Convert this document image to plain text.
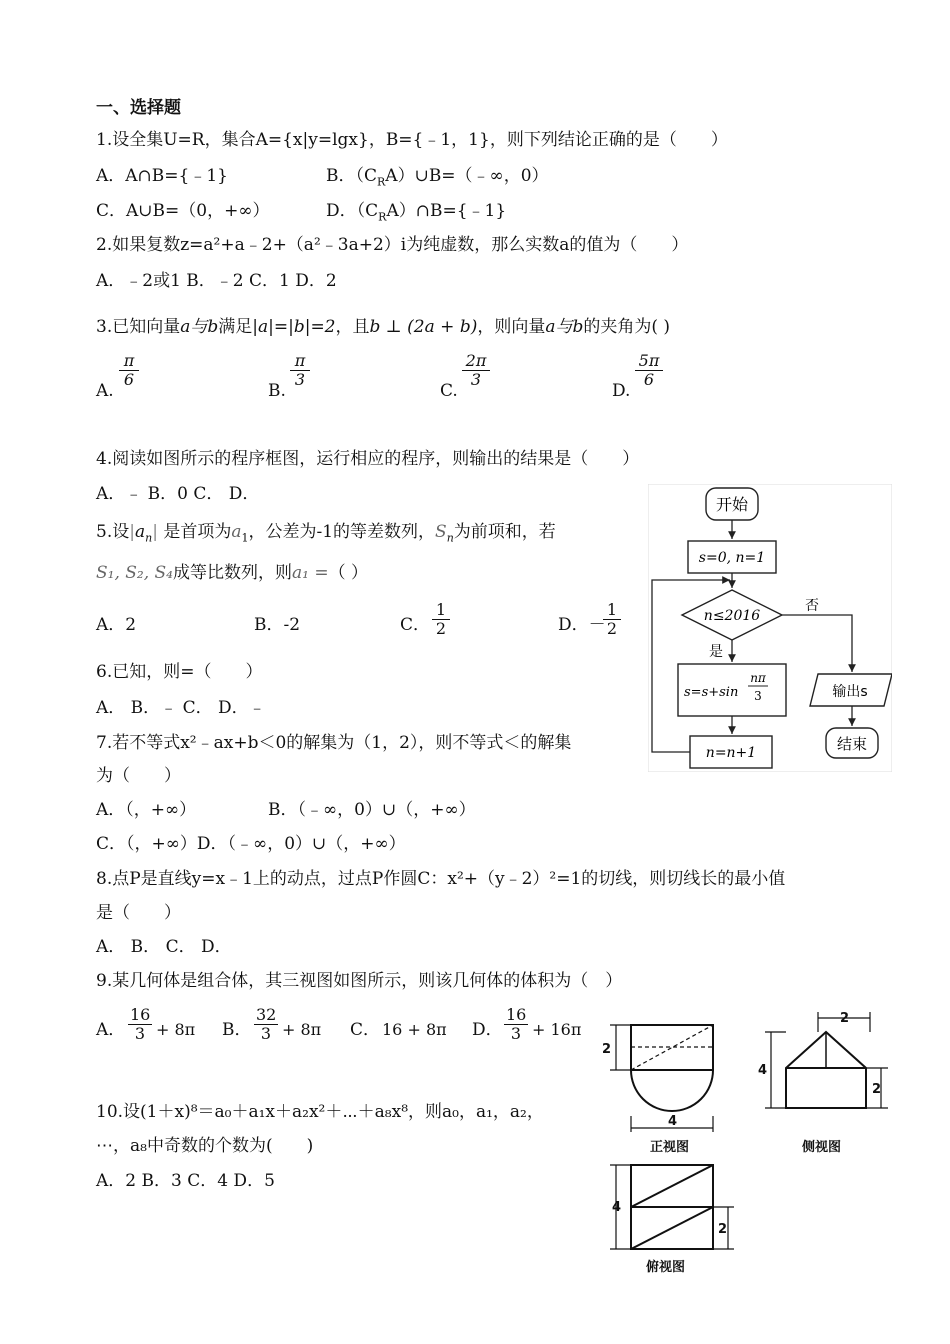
一、选择题
1.设全集U=R，集合A={x|y=lgx}，B={﹣1，1}，则下列结论正确的是（　　）
A．A∩B={﹣1}	B．$(C_RA)\cup B=(﹣\infty$，0）
C．A∪B=（0，+∞）	D．$(C_RA)\cap B=\{﹣1\}$
2.如果复数z=a²+a﹣2+（a²﹣3a+2）i为纯虚数，那么实数a的值为（　　）
A．﹣2或1 B．﹣2 C．1 D．2
3.已知向量a与b满足|a|=|b|=2，且b ⊥ (2a + b)，则向量a与b的夹角为( )
A.
$\frac{\pi}{6}$
B.
$\frac{\pi}{3}$
C.
$\frac{2\pi}{3}$
D.
$\frac{5\pi}{6}$
4.阅读如图所示的程序框图，运行相应的程序，则输出的结果是（　　）
A．﹣ B．0 C． D．
5.设$|a_n|$ 是首项为$a_1$，公差为-1的等差数列，$S_n$为前项和，若
S₁, S₂, S₄成等比数列，则a₁ =（ ）
A．2	B．-2	C． $\frac{1}{2}$	D．－
$\frac{1}{2}$
6.已知，则=（　　）
A． B．﹣ C． D．﹣
7.若不等式x²﹣ax+b＜0的解集为（1，2），则不等式＜的解集
为（　　）
A．（，+∞）	B．（﹣∞，0）∪（，+∞）
C．（，+∞）D．（﹣∞，0）∪（，+∞）
8.点P是直线y=x﹣1上的动点，过点P作圆C：x²+（y﹣2）²=1的切线，则切线长的最小值
是（　　）
A． B． C． D．
9.某几何体是组合体，其三视图如图所示，则该几何体的体积为（　）
A． $\frac{16}{3} + 8\pi$ B． $\frac{32}{3} + 8\pi$ C． 16 + 8π D． $\frac{16}{3} + 16\pi$
10.设(1＋x)⁸＝a₀＋a₁x＋a₂x²＋⋯＋a₈x⁸，则a₀，a₁，a₂，
⋯，a₈中奇数的个数为(　　)
A．2 B．3 C．4 D．5
开始
s=0, n=1
n≤2016
否
是
s=s+sin
nπ
3
n=n+1
输出s
结束
2
4
正视图
2
4
2
侧视图
4
2
俯视图
